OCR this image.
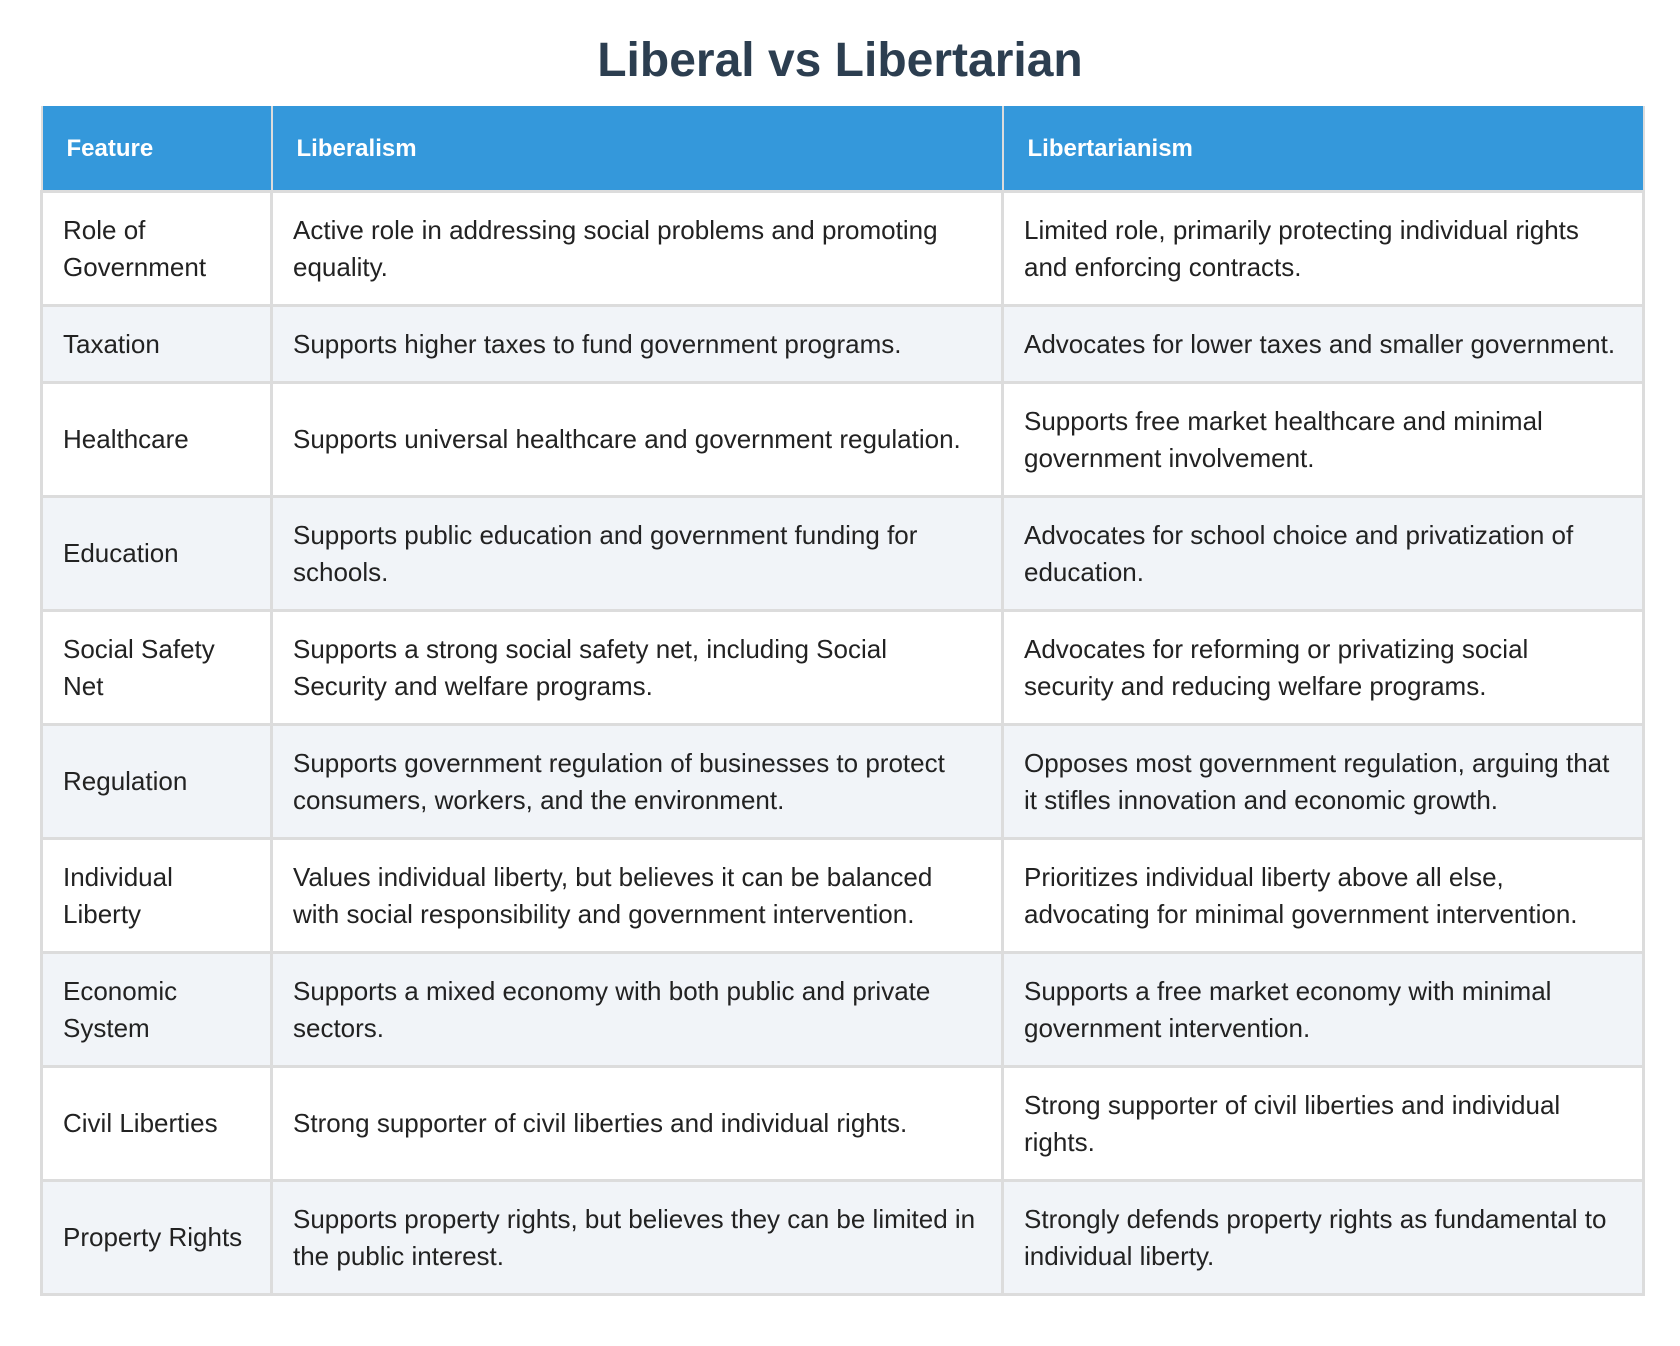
Liberal vs Libertarian
Feature	Liberalism	Libertarianism
Role of Government	Active role in addressing social problems and promoting equality.	Limited role, primarily protecting individual rights and enforcing contracts.
Taxation	Supports higher taxes to fund government programs.	Advocates for lower taxes and smaller government.
Healthcare	Supports universal healthcare and government regulation.	Supports free market healthcare and minimal government involvement.
Education	Supports public education and government funding for schools.	Advocates for school choice and privatization of education.
Social Safety Net	Supports a strong social safety net, including Social Security and welfare programs.	Advocates for reforming or privatizing social security and reducing welfare programs.
Regulation	Supports government regulation of businesses to protect consumers, workers, and the environment.	Opposes most government regulation, arguing that it stifles innovation and economic growth.
Individual Liberty	Values individual liberty, but believes it can be balanced with social responsibility and government intervention.	Prioritizes individual liberty above all else, advocating for minimal government intervention.
Economic System	Supports a mixed economy with both public and private sectors.	Supports a free market economy with minimal government intervention.
Civil Liberties	Strong supporter of civil liberties and individual rights.	Strong supporter of civil liberties and individual rights.
Property Rights	Supports property rights, but believes they can be limited in the public interest.	Strongly defends property rights as fundamental to individual liberty.
